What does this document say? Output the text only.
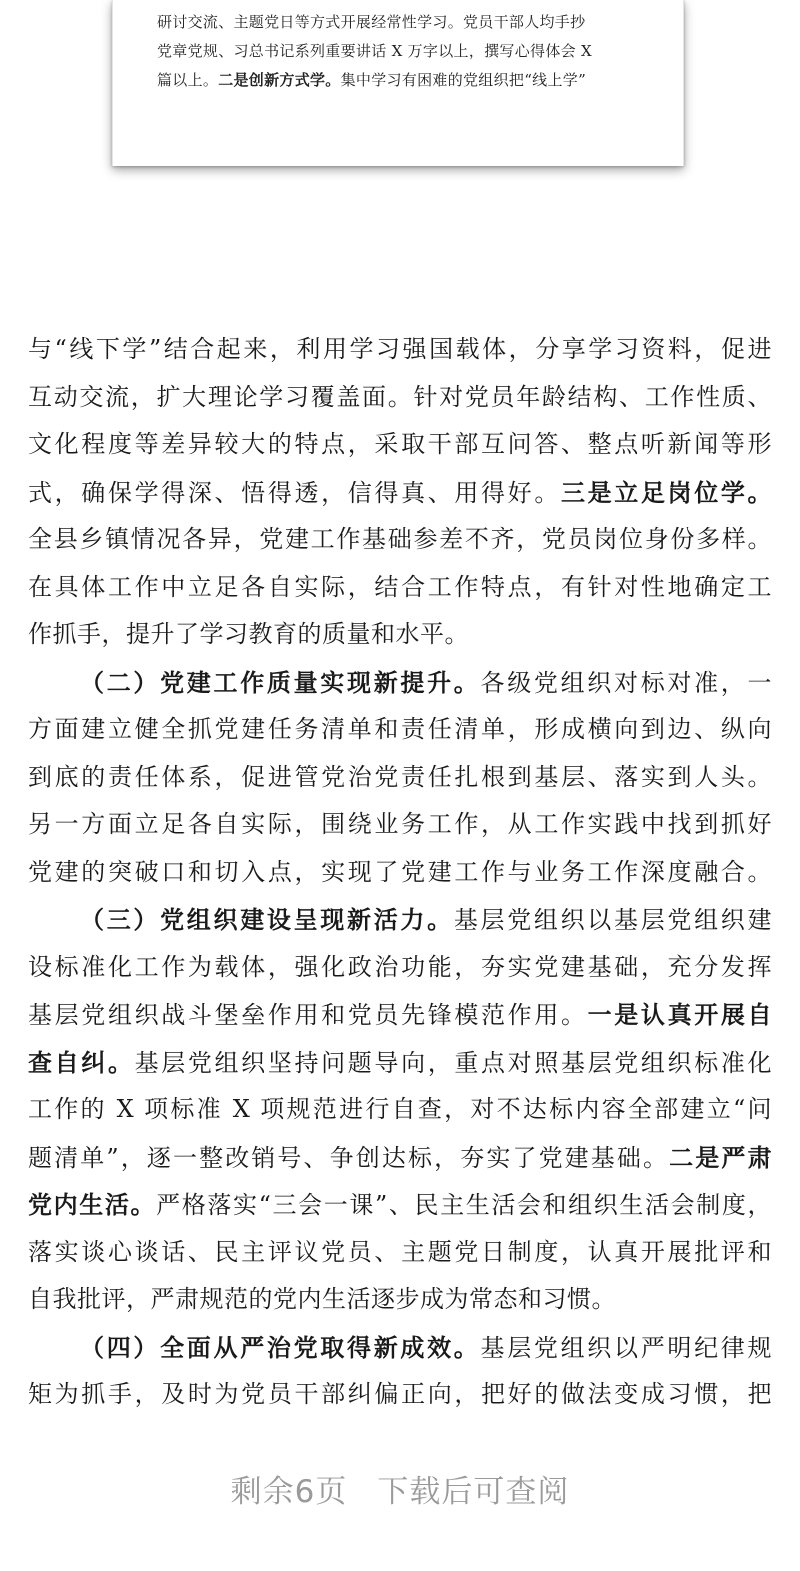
研讨交流、主题党日等方式开展经常性学习。党员干部人均手抄
党章党规、习总书记系列重要讲话 X 万字以上，撰写心得体会 X
篇以上。二是创新方式学。集中学习有困难的党组织把“线上学”
与“线下学”结合起来，利用学习强国载体，分享学习资料，促进
互动交流，扩大理论学习覆盖面。针对党员年龄结构、工作性质、
文化程度等差异较大的特点，采取干部互问答、整点听新闻等形
式，确保学得深、悟得透，信得真、用得好。三是立足岗位学。
全县乡镇情况各异，党建工作基础参差不齐，党员岗位身份多样。
在具体工作中立足各自实际，结合工作特点，有针对性地确定工
作抓手，提升了学习教育的质量和水平。
（二）党建工作质量实现新提升。各级党组织对标对准，一
方面建立健全抓党建任务清单和责任清单，形成横向到边、纵向
到底的责任体系，促进管党治党责任扎根到基层、落实到人头。
另一方面立足各自实际，围绕业务工作，从工作实践中找到抓好
党建的突破口和切入点，实现了党建工作与业务工作深度融合。
（三）党组织建设呈现新活力。基层党组织以基层党组织建
设标准化工作为载体，强化政治功能，夯实党建基础，充分发挥
基层党组织战斗堡垒作用和党员先锋模范作用。一是认真开展自
查自纠。基层党组织坚持问题导向，重点对照基层党组织标准化
工作的 X 项标准 X 项规范进行自查，对不达标内容全部建立“问
题清单”，逐一整改销号、争创达标，夯实了党建基础。二是严肃
党内生活。严格落实“三会一课”、民主生活会和组织生活会制度，
落实谈心谈话、民主评议党员、主题党日制度，认真开展批评和
自我批评，严肃规范的党内生活逐步成为常态和习惯。
（四）全面从严治党取得新成效。基层党组织以严明纪律规
矩为抓手，及时为党员干部纠偏正向，把好的做法变成习惯，把
剩余6页 下载后可查阅
